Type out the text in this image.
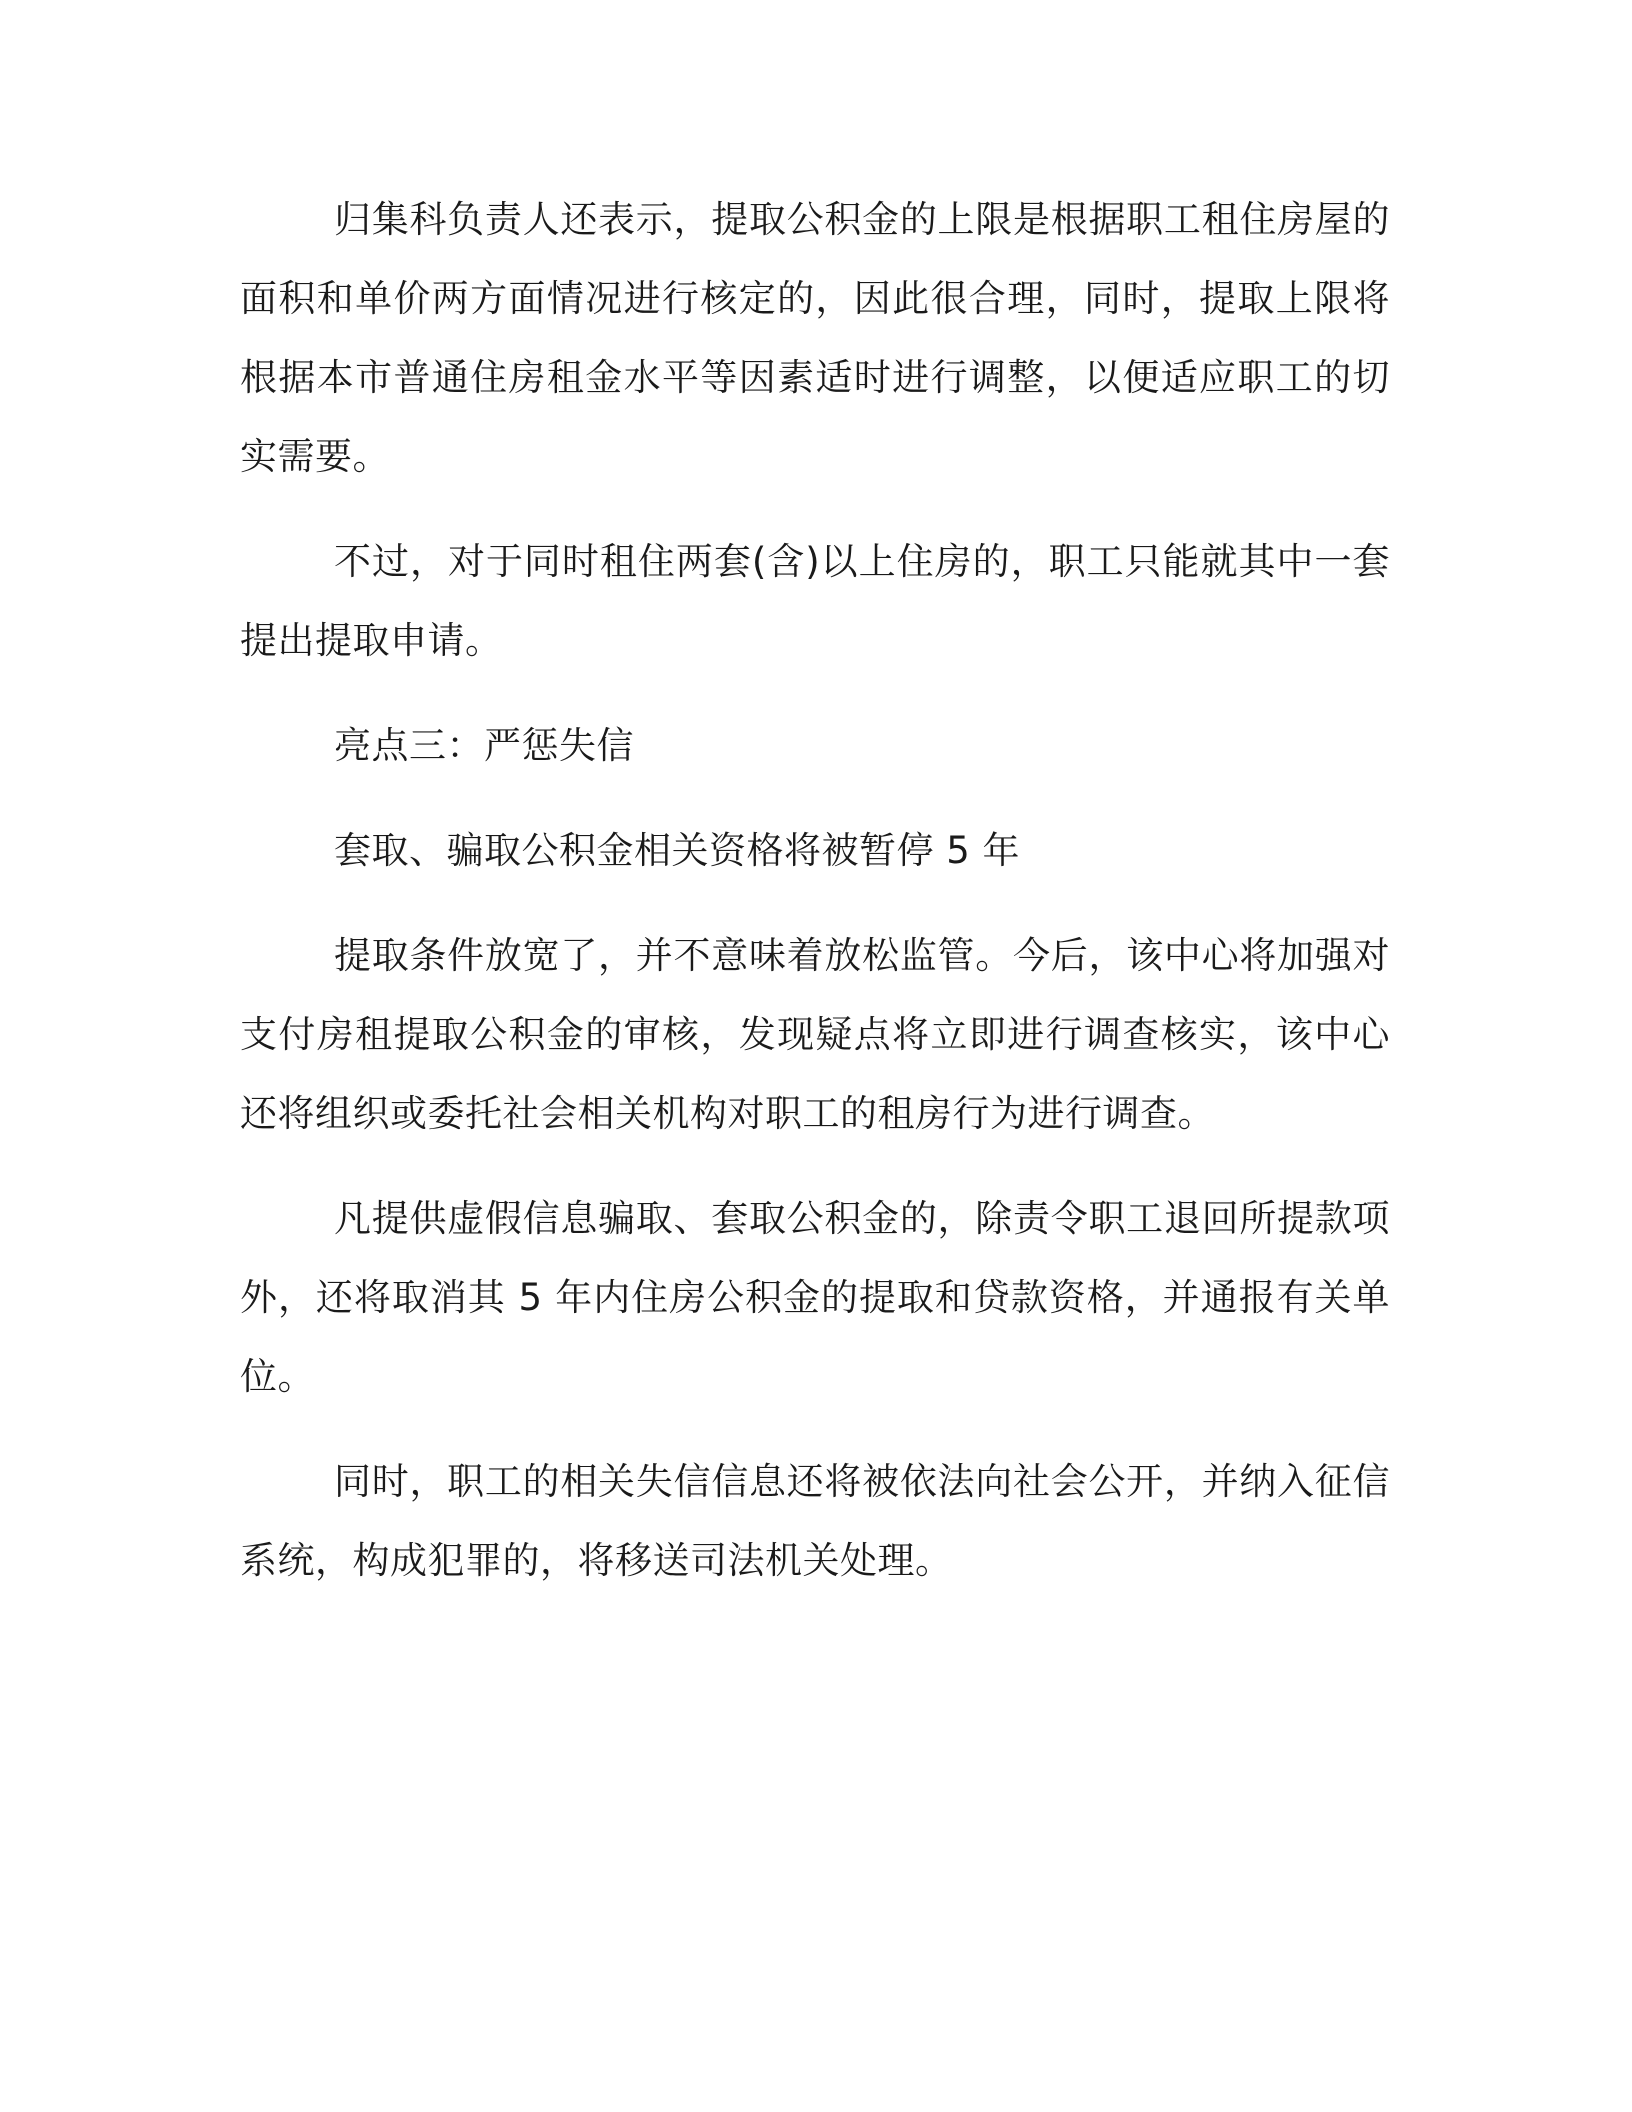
归集科负责人还表示，提取公积金的上限是根据职工租住房屋的面积和单价两方面情况进行核定的，因此很合理，同时，提取上限将根据本市普通住房租金水平等因素适时进行调整，以便适应职工的切实需要。

不过，对于同时租住两套(含)以上住房的，职工只能就其中一套提出提取申请。

亮点三：严惩失信

套取、骗取公积金相关资格将被暂停 5 年

提取条件放宽了，并不意味着放松监管。今后，该中心将加强对支付房租提取公积金的审核，发现疑点将立即进行调查核实，该中心还将组织或委托社会相关机构对职工的租房行为进行调查。

凡提供虚假信息骗取、套取公积金的，除责令职工退回所提款项外，还将取消其 5 年内住房公积金的提取和贷款资格，并通报有关单位。

同时，职工的相关失信信息还将被依法向社会公开，并纳入征信系统，构成犯罪的，将移送司法机关处理。
